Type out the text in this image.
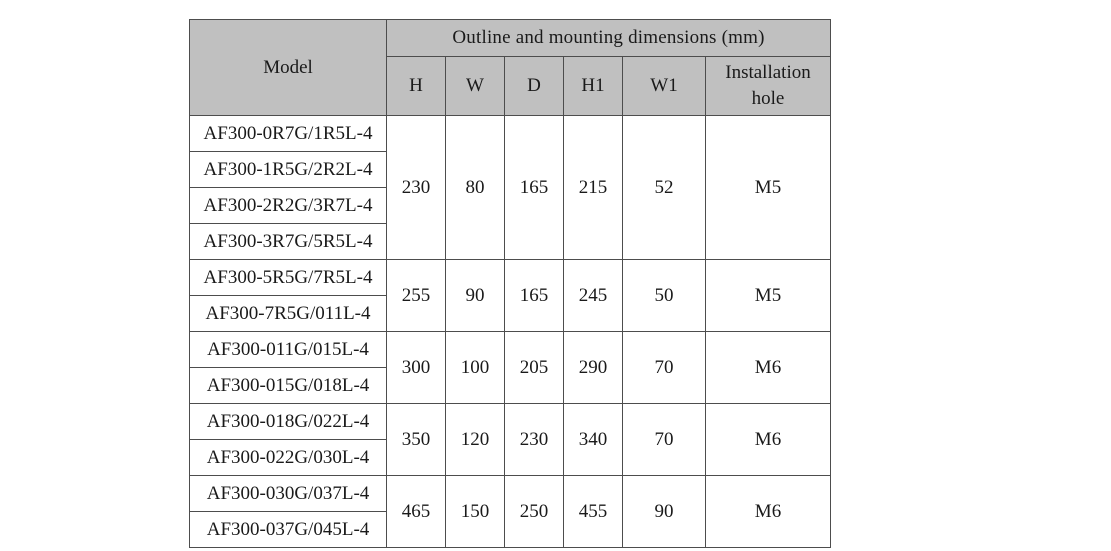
Model	Outline and mounting dimensions (mm)					
	H	W	D	H1	W1	Installation
hole

AF300-0R7G/1R5L-4	230	80	165	215	52	M5
AF300-1R5G/2R2L-4						
AF300-2R2G/3R7L-4						
AF300-3R7G/5R5L-4						
AF300-5R5G/7R5L-4	255	90	165	245	50	M5
AF300-7R5G/011L-4						
AF300-011G/015L-4	300	100	205	290	70	M6
AF300-015G/018L-4						
AF300-018G/022L-4	350	120	230	340	70	M6
AF300-022G/030L-4						
AF300-030G/037L-4	465	150	250	455	90	M6
AF300-037G/045L-4						
